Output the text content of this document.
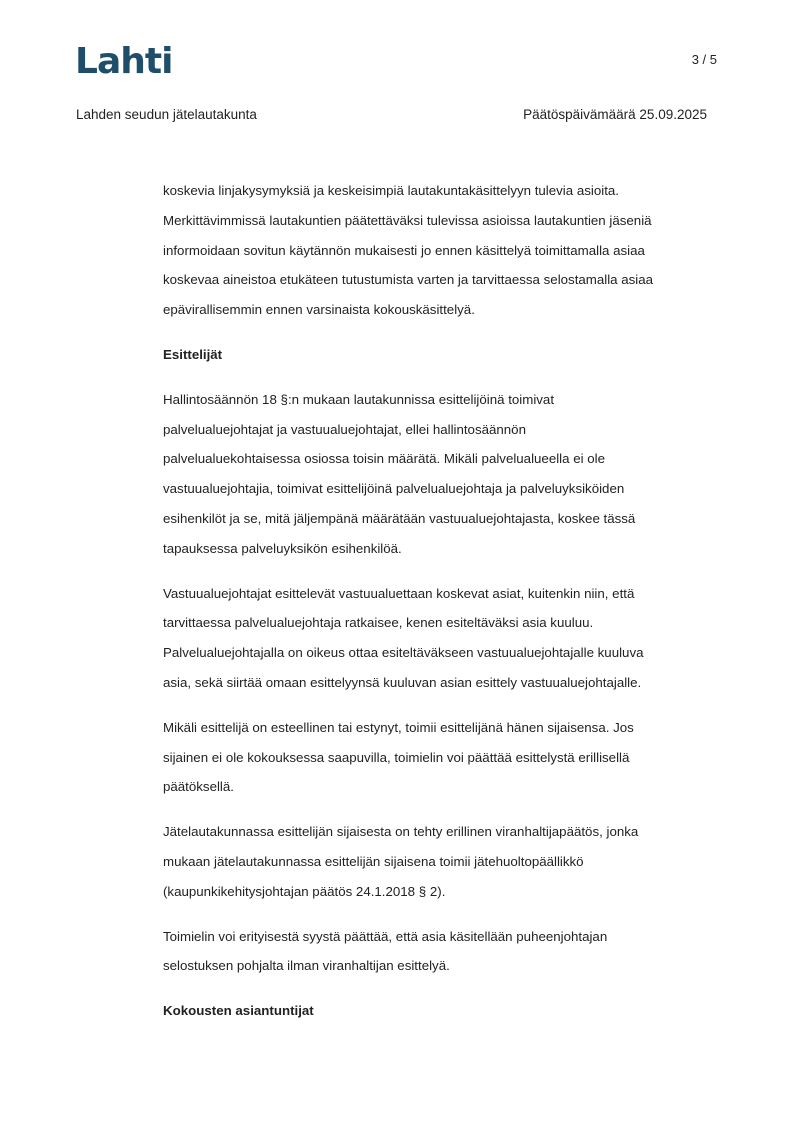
Lahti	3 / 5
Lahden seudun jätelautakunta	Päätöspäivämäärä 25.09.2025

koskevia linjakysymyksiä ja keskeisimpiä lautakuntakäsittelyyn tulevia asioita.
Merkittävimmissä lautakuntien päätettäväksi tulevissa asioissa lautakuntien jäseniä
informoidaan sovitun käytännön mukaisesti jo ennen käsittelyä toimittamalla asiaa
koskevaa aineistoa etukäteen tutustumista varten ja tarvittaessa selostamalla asiaa
epävirallisemmin ennen varsinaista kokouskäsittelyä.

Esittelijät

Hallintosäännön 18 §:n mukaan lautakunnissa esittelijöinä toimivat
palvelualuejohtajat ja vastuualuejohtajat, ellei hallintosäännön
palvelualuekohtaisessa osiossa toisin määrätä. Mikäli palvelualueella ei ole
vastuualuejohtajia, toimivat esittelijöinä palvelualuejohtaja ja palveluyksiköiden
esihenkilöt ja se, mitä jäljempänä määrätään vastuualuejohtajasta, koskee tässä
tapauksessa palveluyksikön esihenkilöä.

Vastuualuejohtajat esittelevät vastuualuettaan koskevat asiat, kuitenkin niin, että
tarvittaessa palvelualuejohtaja ratkaisee, kenen esiteltäväksi asia kuuluu.
Palvelualuejohtajalla on oikeus ottaa esiteltäväkseen vastuualuejohtajalle kuuluva
asia, sekä siirtää omaan esittelyynsä kuuluvan asian esittely vastuualuejohtajalle.

Mikäli esittelijä on esteellinen tai estynyt, toimii esittelijänä hänen sijaisensa. Jos
sijainen ei ole kokouksessa saapuvilla, toimielin voi päättää esittelystä erillisellä
päätöksellä.

Jätelautakunnassa esittelijän sijaisesta on tehty erillinen viranhaltijapäätös, jonka
mukaan jätelautakunnassa esittelijän sijaisena toimii jätehuoltopäällikkö
(kaupunkikehitysjohtajan päätös 24.1.2018 § 2).

Toimielin voi erityisestä syystä päättää, että asia käsitellään puheenjohtajan
selostuksen pohjalta ilman viranhaltijan esittelyä.

Kokousten asiantuntijat
